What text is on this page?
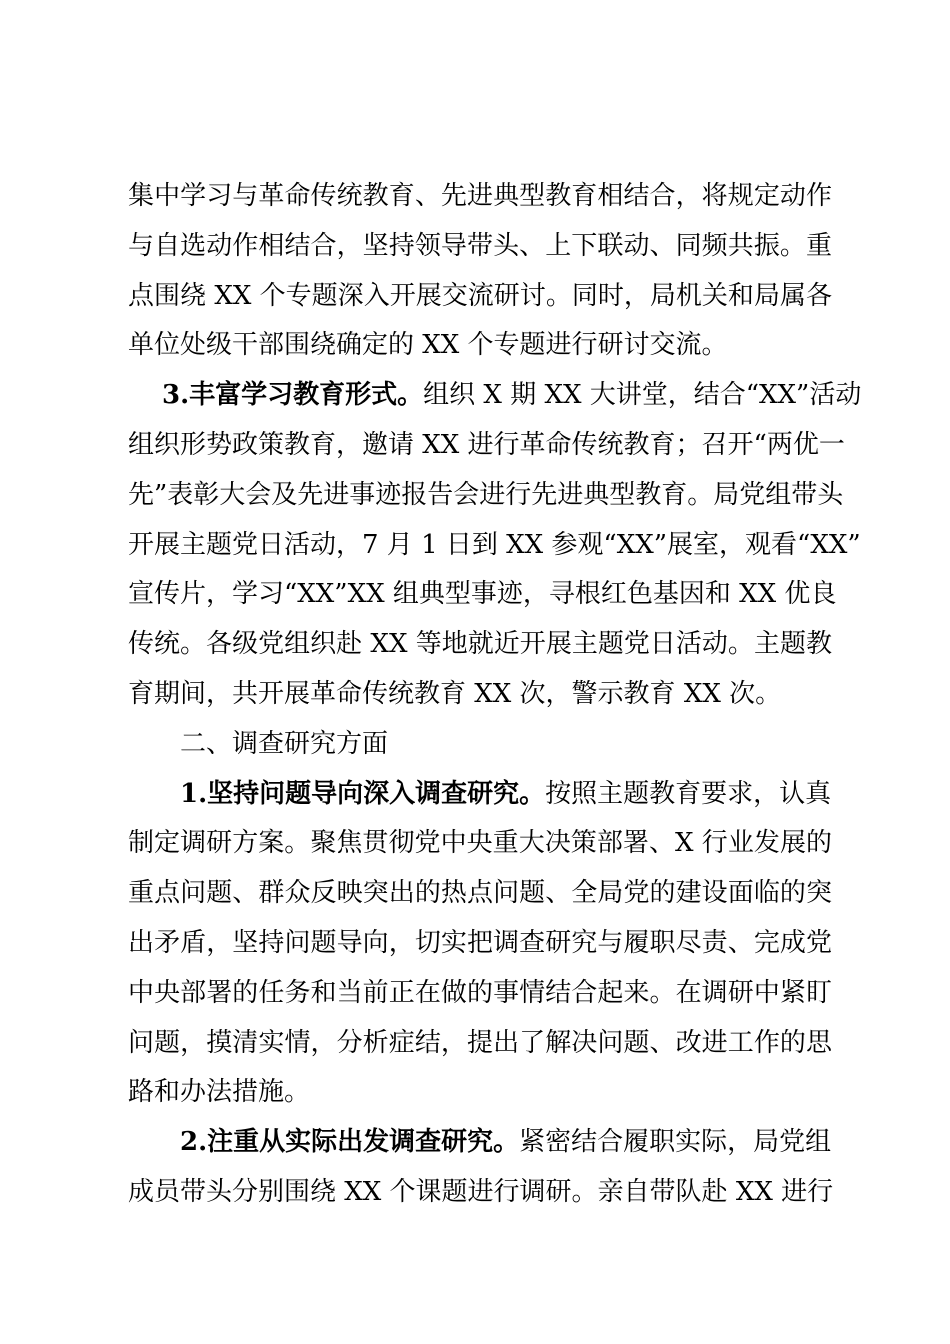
集中学习与革命传统教育、先进典型教育相结合，将规定动作
与自选动作相结合，坚持领导带头、上下联动、同频共振。重
点围绕 XX 个专题深入开展交流研讨。同时，局机关和局属各
单位处级干部围绕确定的 XX 个专题进行研讨交流。
3.丰富学习教育形式。组织 X 期 XX 大讲堂，结合“XX”活动
组织形势政策教育，邀请 XX 进行革命传统教育；召开“两优一
先”表彰大会及先进事迹报告会进行先进典型教育。局党组带头
开展主题党日活动，7 月 1 日到 XX 参观“XX”展室，观看“XX”
宣传片，学习“XX”XX 组典型事迹，寻根红色基因和 XX 优良
传统。各级党组织赴 XX 等地就近开展主题党日活动。主题教
育期间，共开展革命传统教育 XX 次，警示教育 XX 次。
二、调查研究方面
1.坚持问题导向深入调查研究。按照主题教育要求，认真
制定调研方案。聚焦贯彻党中央重大决策部署、X 行业发展的
重点问题、群众反映突出的热点问题、全局党的建设面临的突
出矛盾，坚持问题导向，切实把调查研究与履职尽责、完成党
中央部署的任务和当前正在做的事情结合起来。在调研中紧盯
问题，摸清实情，分析症结，提出了解决问题、改进工作的思
路和办法措施。
2.注重从实际出发调查研究。紧密结合履职实际，局党组
成员带头分别围绕 XX 个课题进行调研。亲自带队赴 XX 进行
